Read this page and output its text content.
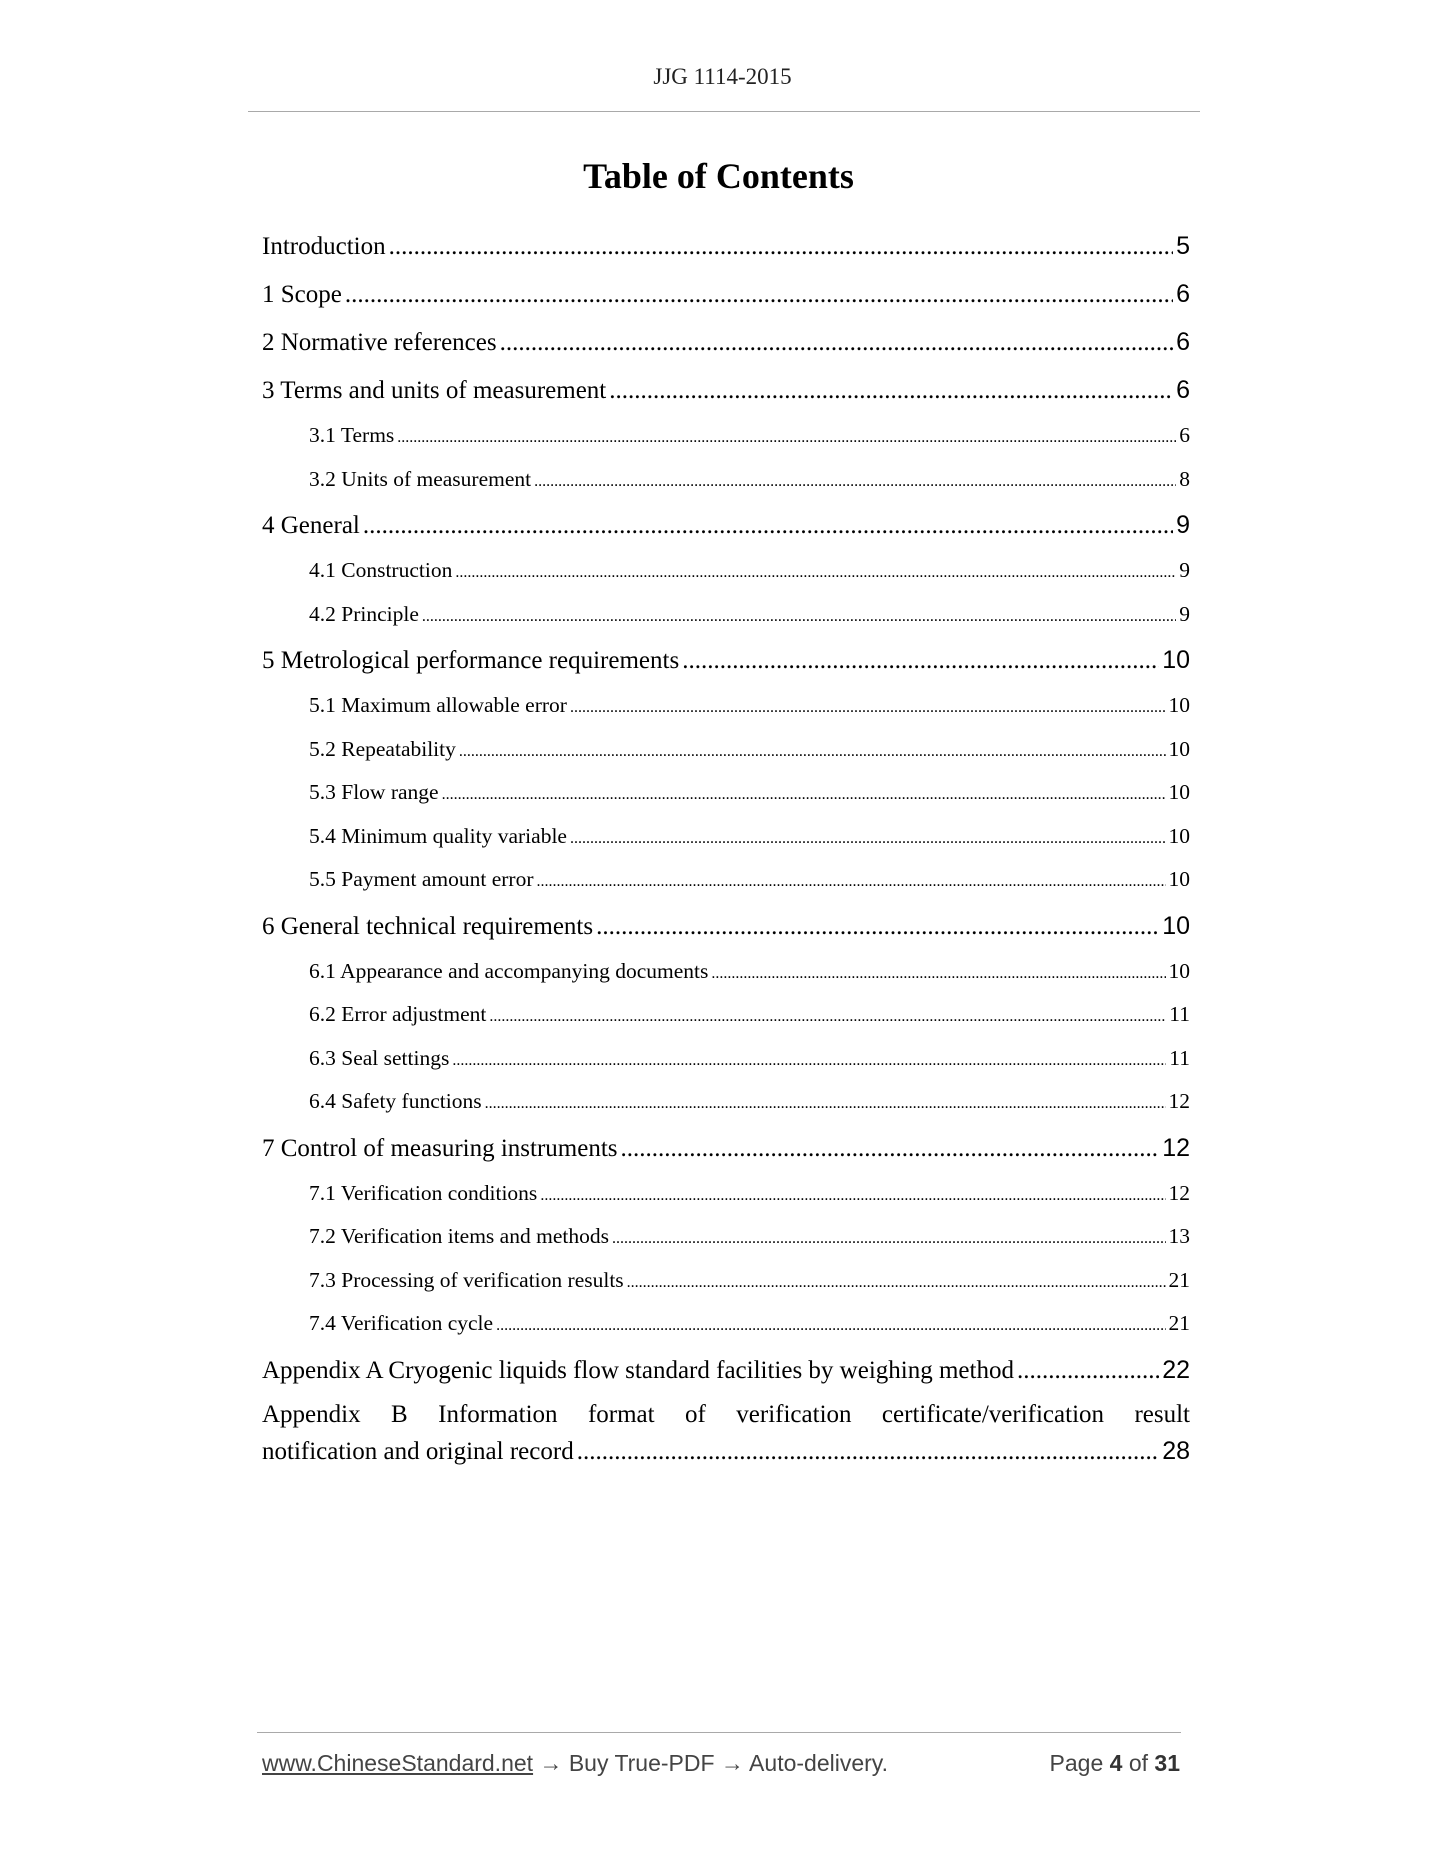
JJG 1114-2015
Table of Contents
Introduction .....	5
1 Scope .....	6
2 Normative references .....	6
3 Terms and units of measurement .....	6
3.1 Terms .....	6
3.2 Units of measurement .....	8
4 General .....	9
4.1 Construction .....	9
4.2 Principle .....	9
5 Metrological performance requirements .....	10
5.1 Maximum allowable error .....	10
5.2 Repeatability .....	10
5.3 Flow range .....	10
5.4 Minimum quality variable .....	10
5.5 Payment amount error .....	10
6 General technical requirements .....	10
6.1 Appearance and accompanying documents .....	10
6.2 Error adjustment .....	11
6.3 Seal settings .....	11
6.4 Safety functions .....	12
7 Control of measuring instruments .....	12
7.1 Verification conditions .....	12
7.2 Verification items and methods .....	13
7.3 Processing of verification results .....	21
7.4 Verification cycle .....	21
Appendix A Cryogenic liquids flow standard facilities by weighing method .....	22
Appendix B Information format of verification certificate/verification result
notification and original record .....	28
www.ChineseStandard.net → Buy True-PDF → Auto-delivery.	Page 4 of 31
